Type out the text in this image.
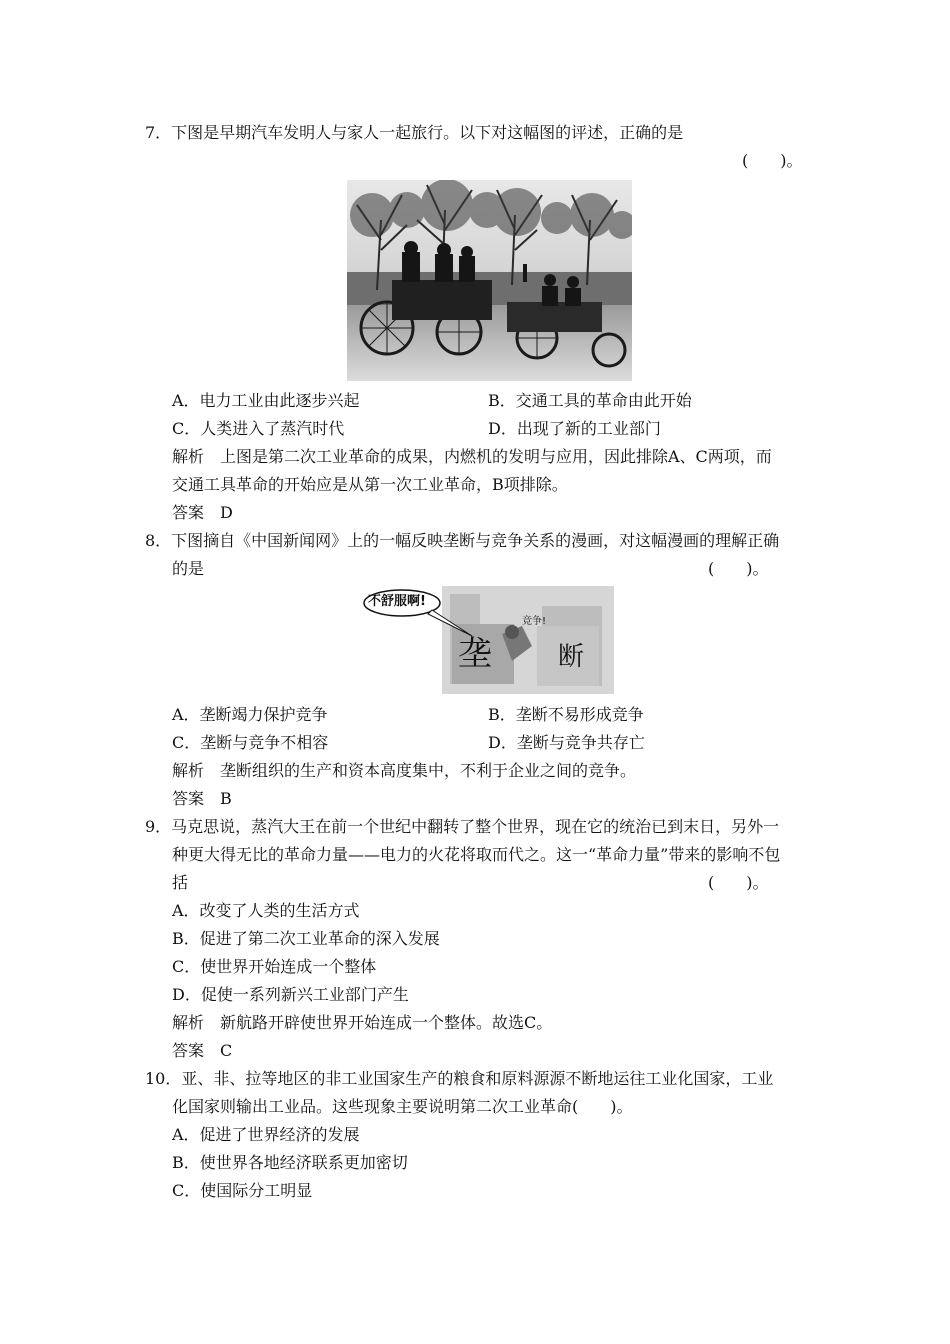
7．下图是早期汽车发明人与家人一起旅行。以下对这幅图的评述，正确的是
(　　)。
A．电力工业由此逐步兴起	B．交通工具的革命由此开始
C．人类进入了蒸汽时代	D．出现了新的工业部门
解析　上图是第二次工业革命的成果，内燃机的发明与应用，因此排除A、C两项，而
交通工具革命的开始应是从第一次工业革命，B项排除。
答案　D
8．下图摘自《中国新闻网》上的一幅反映垄断与竞争关系的漫画，对这幅漫画的理解正确
的是	(　　)。
不舒服啊!
竞争!
垄	断
A．垄断竭力保护竞争	B．垄断不易形成竞争
C．垄断与竞争不相容	D．垄断与竞争共存亡
解析　垄断组织的生产和资本高度集中，不利于企业之间的竞争。
答案　B
9．马克思说，蒸汽大王在前一个世纪中翻转了整个世界，现在它的统治已到末日，另外一
种更大得无比的革命力量——电力的火花将取而代之。这一“革命力量”带来的影响不包
括	(　　)。
A．改变了人类的生活方式
B．促进了第二次工业革命的深入发展
C．使世界开始连成一个整体
D．促使一系列新兴工业部门产生
解析　新航路开辟使世界开始连成一个整体。故选C。
答案　C
10．亚、非、拉等地区的非工业国家生产的粮食和原料源源不断地运往工业化国家，工业
化国家则输出工业品。这些现象主要说明第二次工业革命(　　)。
A．促进了世界经济的发展
B．使世界各地经济联系更加密切
C．使国际分工明显
